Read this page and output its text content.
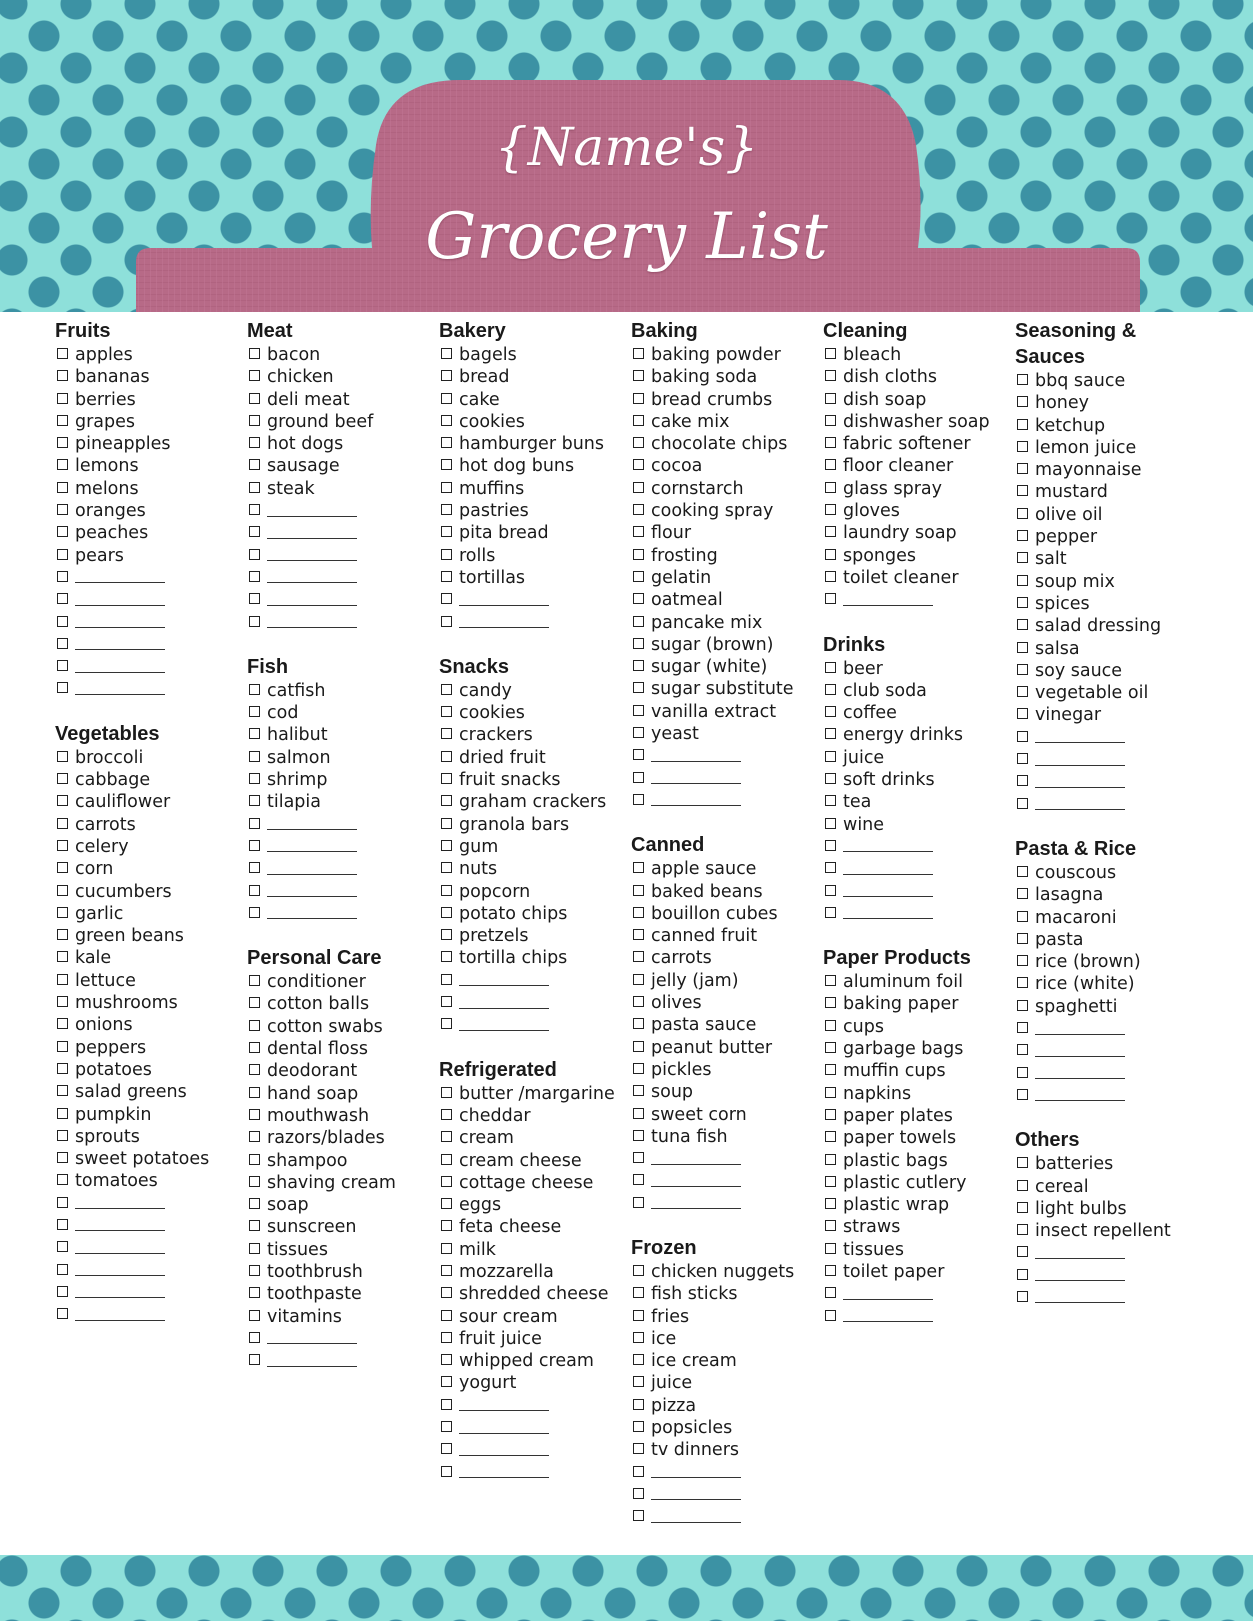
{Name's}
Grocery List
Fruits
apples
bananas
berries
grapes
pineapples
lemons
melons
oranges
peaches
pears
Vegetables
broccoli
cabbage
cauliflower
carrots
celery
corn
cucumbers
garlic
green beans
kale
lettuce
mushrooms
onions
peppers
potatoes
salad greens
pumpkin
sprouts
sweet potatoes
tomatoes
Meat
bacon
chicken
deli meat
ground beef
hot dogs
sausage
steak
Fish
catfish
cod
halibut
salmon
shrimp
tilapia
Personal Care
conditioner
cotton balls
cotton swabs
dental floss
deodorant
hand soap
mouthwash
razors/blades
shampoo
shaving cream
soap
sunscreen
tissues
toothbrush
toothpaste
vitamins
Bakery
bagels
bread
cake
cookies
hamburger buns
hot dog buns
muffins
pastries
pita bread
rolls
tortillas
Snacks
candy
cookies
crackers
dried fruit
fruit snacks
graham crackers
granola bars
gum
nuts
popcorn
potato chips
pretzels
tortilla chips
Refrigerated
butter /margarine
cheddar
cream
cream cheese
cottage cheese
eggs
feta cheese
milk
mozzarella
shredded cheese
sour cream
fruit juice
whipped cream
yogurt
Baking
baking powder
baking soda
bread crumbs
cake mix
chocolate chips
cocoa
cornstarch
cooking spray
flour
frosting
gelatin
oatmeal
pancake mix
sugar (brown)
sugar (white)
sugar substitute
vanilla extract
yeast
Canned
apple sauce
baked beans
bouillon cubes
canned fruit
carrots
jelly (jam)
olives
pasta sauce
peanut butter
pickles
soup
sweet corn
tuna fish
Frozen
chicken nuggets
fish sticks
fries
ice
ice cream
juice
pizza
popsicles
tv dinners
Cleaning
bleach
dish cloths
dish soap
dishwasher soap
fabric softener
floor cleaner
glass spray
gloves
laundry soap
sponges
toilet cleaner
Drinks
beer
club soda
coffee
energy drinks
juice
soft drinks
tea
wine
Paper Products
aluminum foil
baking paper
cups
garbage bags
muffin cups
napkins
paper plates
paper towels
plastic bags
plastic cutlery
plastic wrap
straws
tissues
toilet paper
Seasoning & Sauces
bbq sauce
honey
ketchup
lemon juice
mayonnaise
mustard
olive oil
pepper
salt
soup mix
spices
salad dressing
salsa
soy sauce
vegetable oil
vinegar
Pasta & Rice
couscous
lasagna
macaroni
pasta
rice (brown)
rice (white)
spaghetti
Others
batteries
cereal
light bulbs
insect repellent
